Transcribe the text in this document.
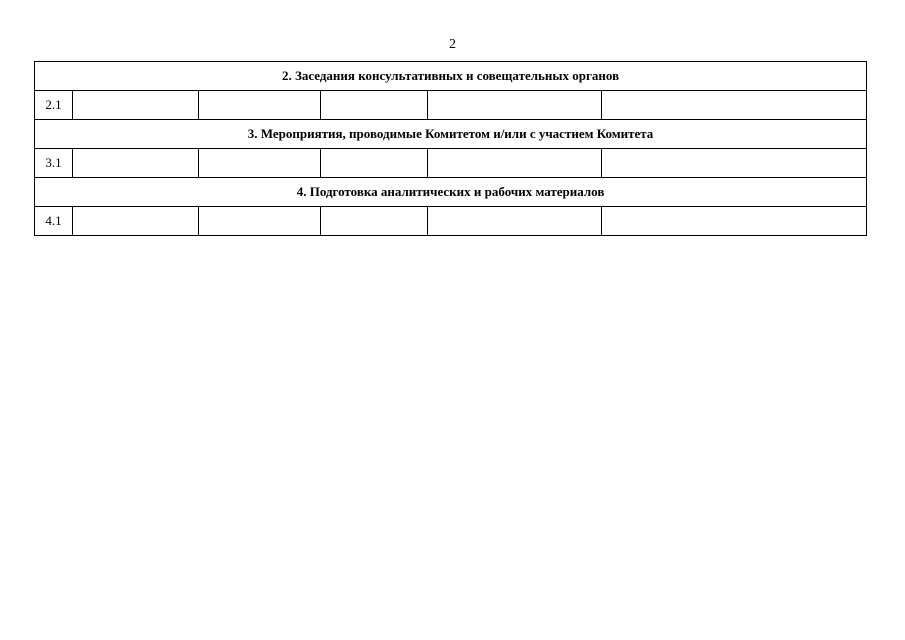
2
2. Заседания консультативных и совещательных органов					
2.1					
3. Мероприятия, проводимые Комитетом и/или с участием Комитета					
3.1					
4. Подготовка аналитических и рабочих материалов					
4.1					
